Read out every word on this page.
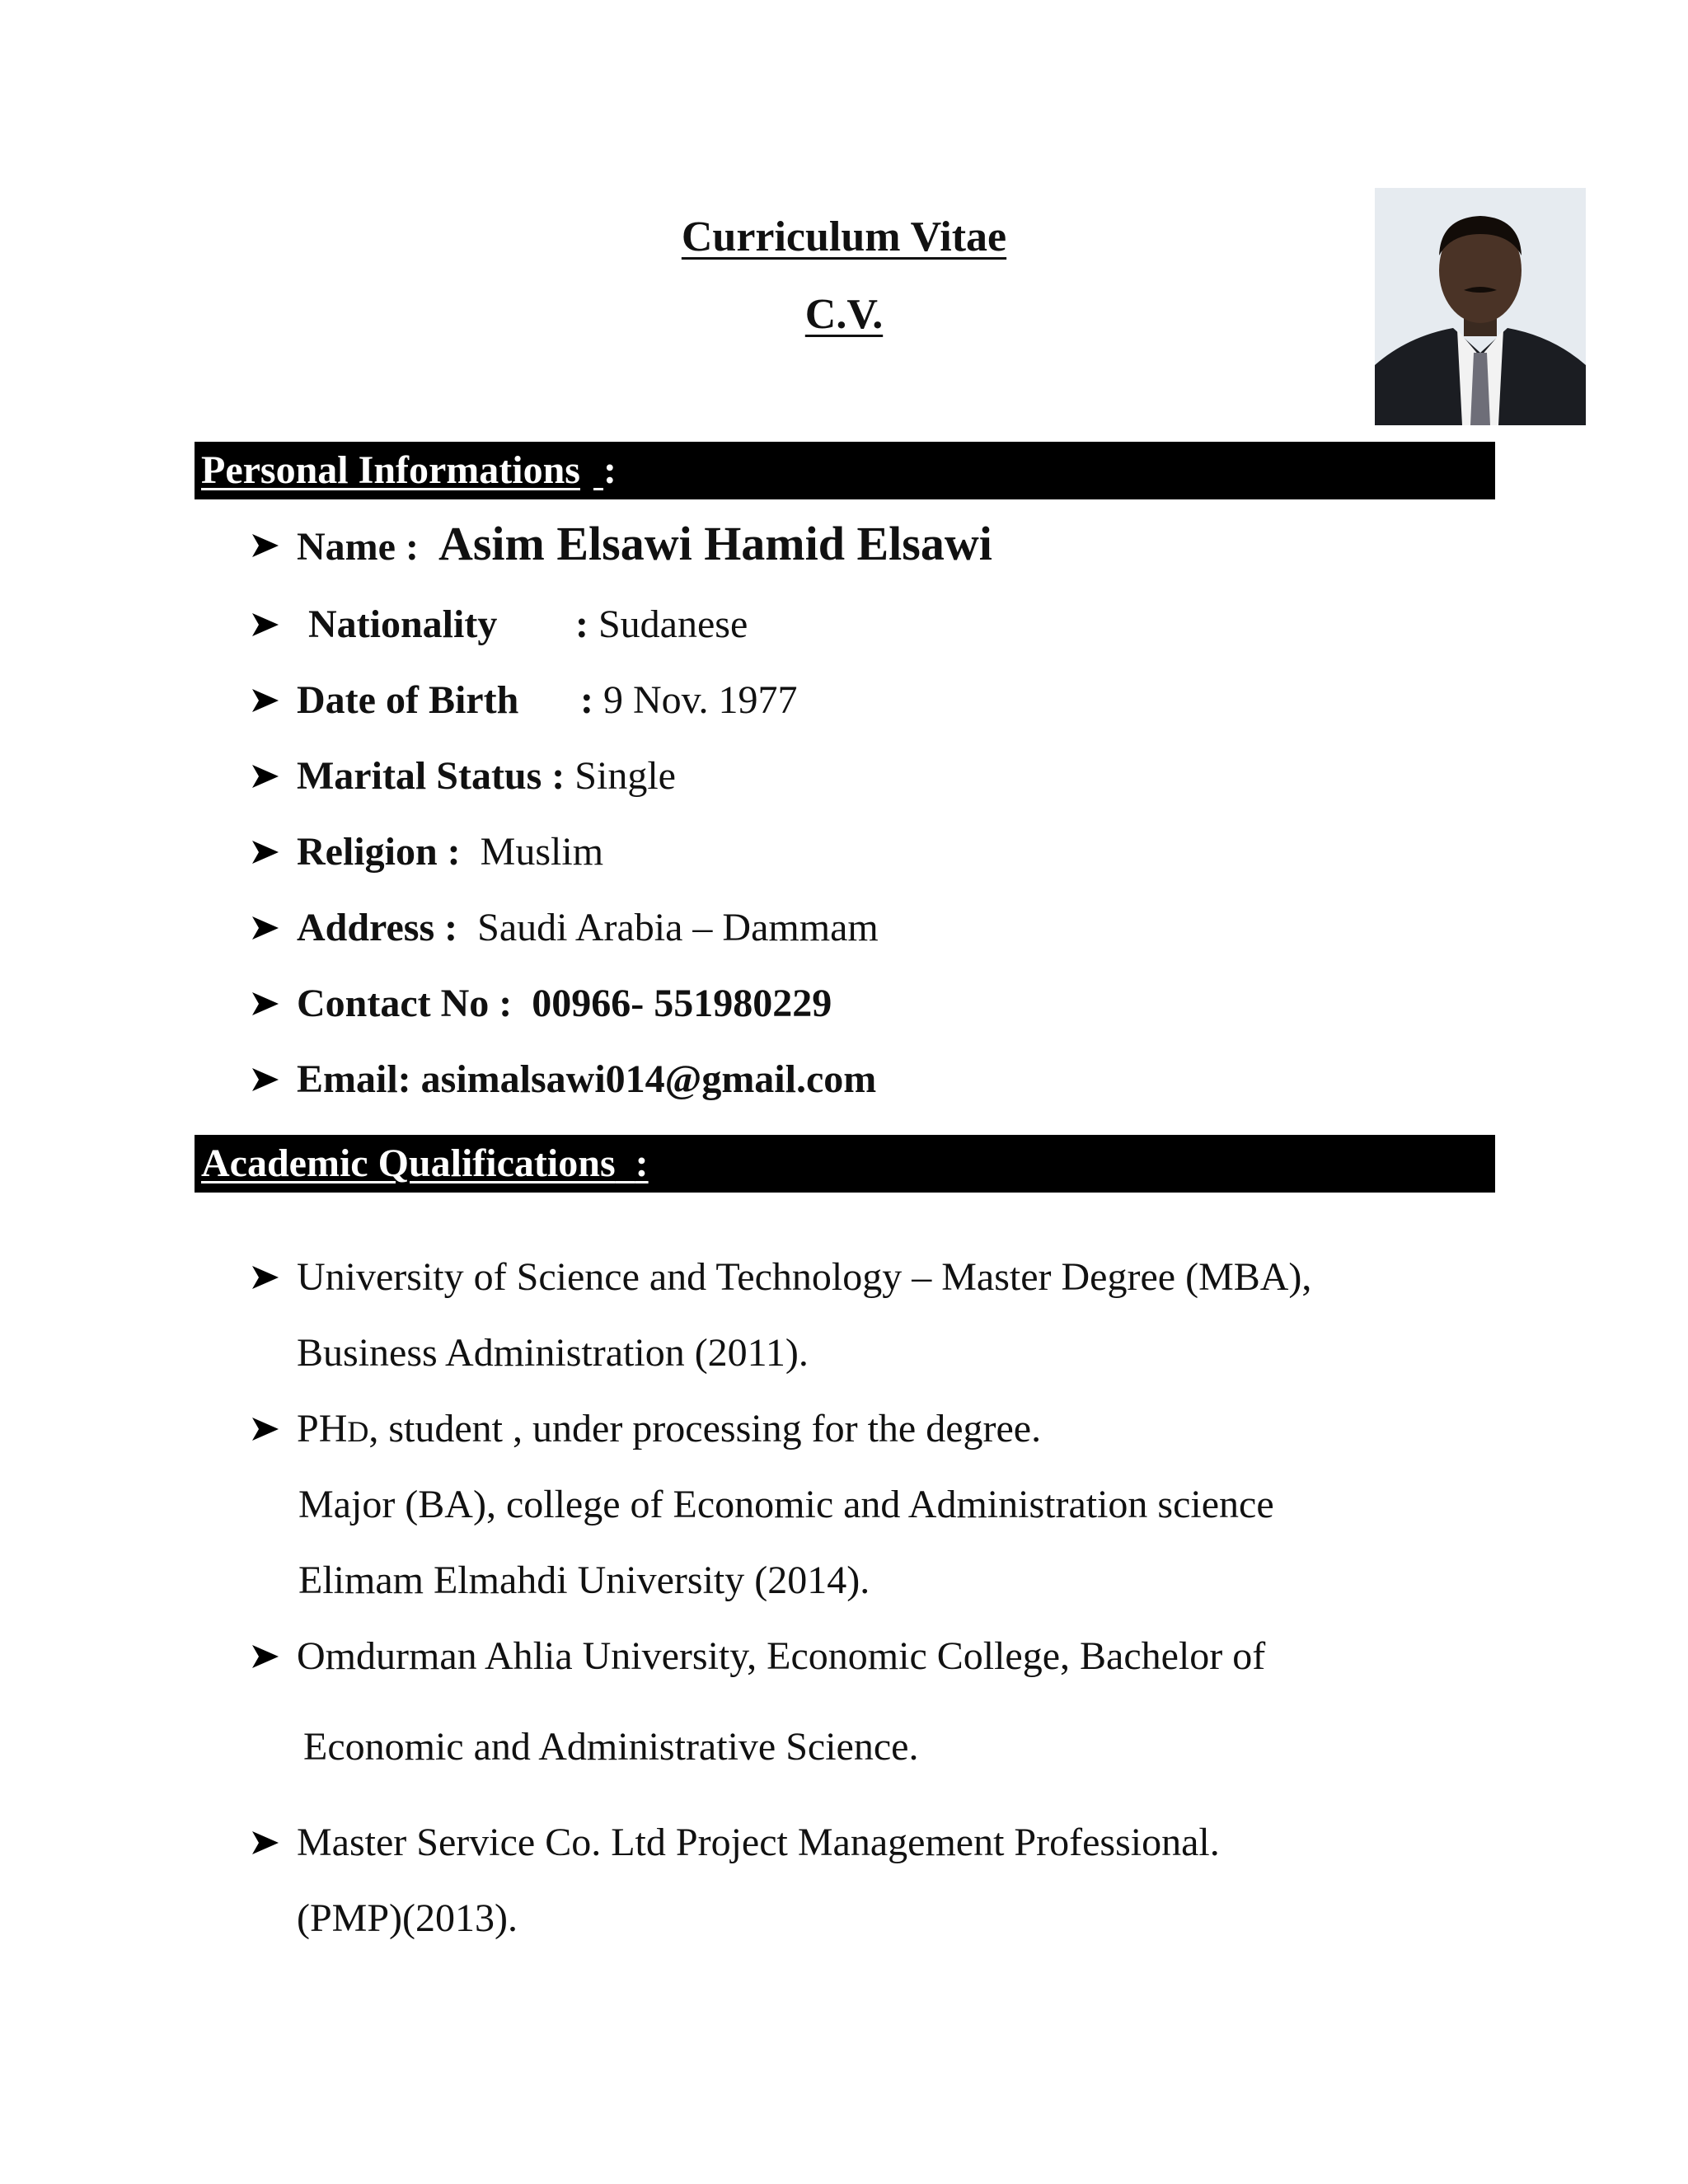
Curriculum Vitae
C.V.
Personal Informations :
Name : Asim Elsawi Hamid Elsawi
Nationality : Sudanese
Date of Birth : 9 Nov. 1977
Marital Status : Single
Religion : Muslim
Address : Saudi Arabia – Dammam
Contact No : 00966- 551980229
Email: asimalsawi014@gmail.com
Academic Qualifications :
University of Science and Technology – Master Degree (MBA),
Business Administration (2011).
PHD, student , under processing for the degree.
Major (BA), college of Economic and Administration science
Elimam Elmahdi University (2014).
Omdurman Ahlia University, Economic College, Bachelor of
Economic and Administrative Science.
Master Service Co. Ltd Project Management Professional.
(PMP)(2013).
